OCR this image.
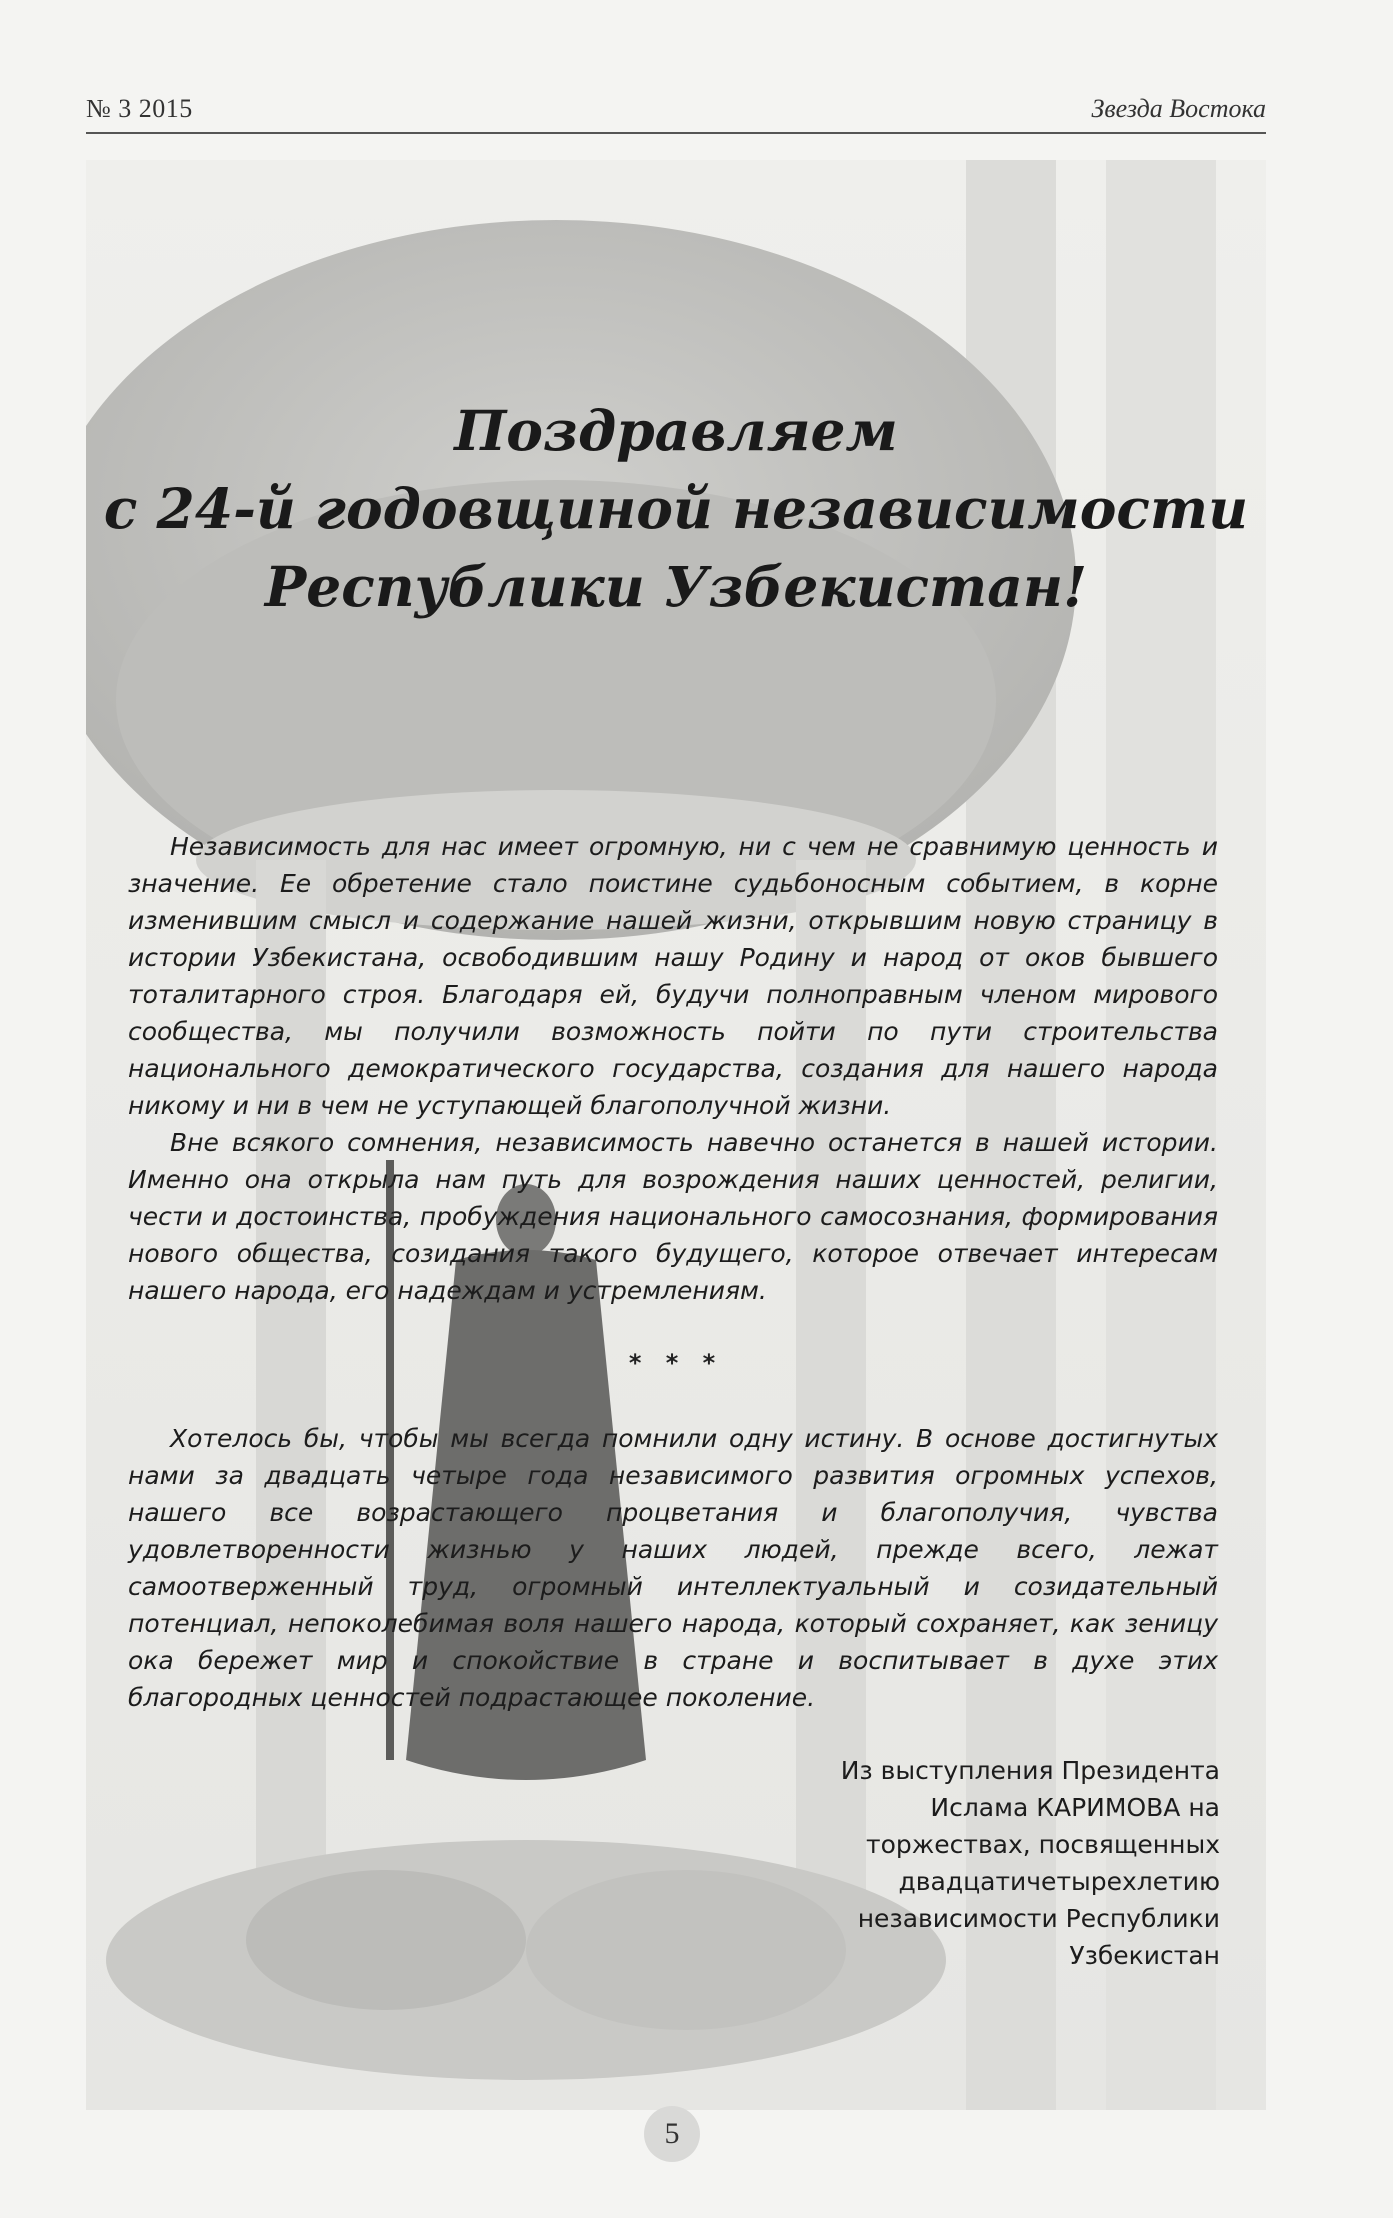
№ 3 2015	Звезда Востока
Поздравляем
с 24-й годовщиной независимости
Республики Узбекистан!

Независимость для нас имеет огромную, ни с чем не сравнимую ценность и значение. Ее обретение стало поистине судьбоносным событием, в корне изменившим смысл и содержание нашей жизни, открывшим новую страницу в истории Узбекистана, освободившим нашу Родину и народ от оков бывшего тоталитарного строя. Благодаря ей, будучи полноправным членом мирового сообщества, мы получили возможность пойти по пути строительства национального демократического государства, создания для нашего народа никому и ни в чем не уступающей благополучной жизни.

Вне всякого сомнения, независимость навечно останется в нашей истории. Именно она открыла нам путь для возрождения наших ценностей, религии, чести и достоинства, пробуждения национального самосознания, формирования нового общества, созидания такого будущего, которое отвечает интересам нашего народа, его надеждам и устремлениям.

* * *

Хотелось бы, чтобы мы всегда помнили одну истину. В основе достигнутых нами за двадцать четыре года независимого развития огромных успехов, нашего все возрастающего процветания и благополучия, чувства удовлетворенности жизнью у наших людей, прежде всего, лежат самоотверженный труд, огромный интеллектуальный и созидательный потенциал, непоколебимая воля нашего народа, который сохраняет, как зеницу ока бережет мир и спокойствие в стране и воспитывает в духе этих благородных ценностей подрастающее поколение.

Из выступления Президента
Ислама КАРИМОВА на
торжествах, посвященных
двадцатичетырехлетию
независимости Республики
Узбекистан
5
